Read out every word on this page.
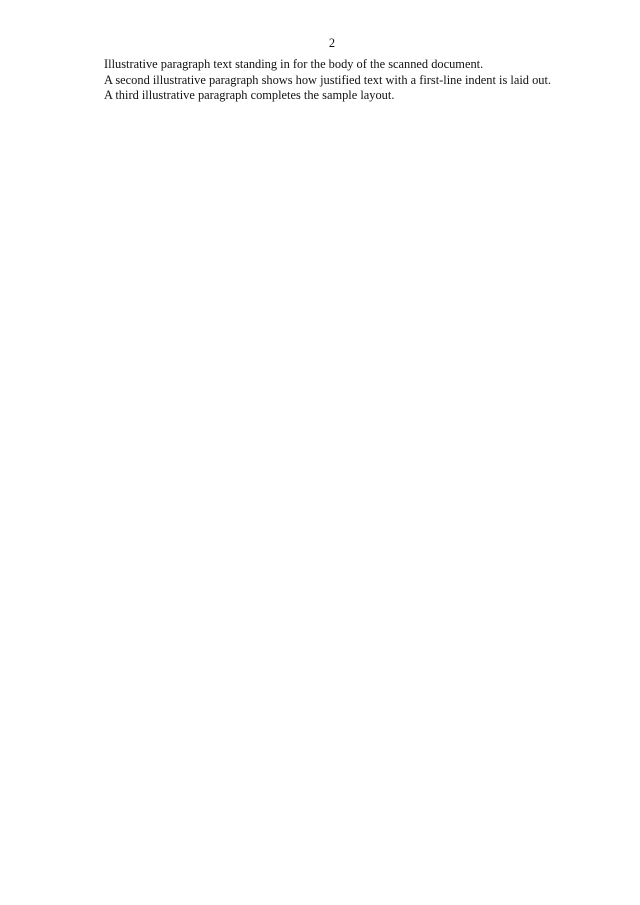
2

Illustrative paragraph text standing in for the body of the scanned document.

A second illustrative paragraph shows how justified text with a first-line indent is laid out.

A third illustrative paragraph completes the sample layout.
